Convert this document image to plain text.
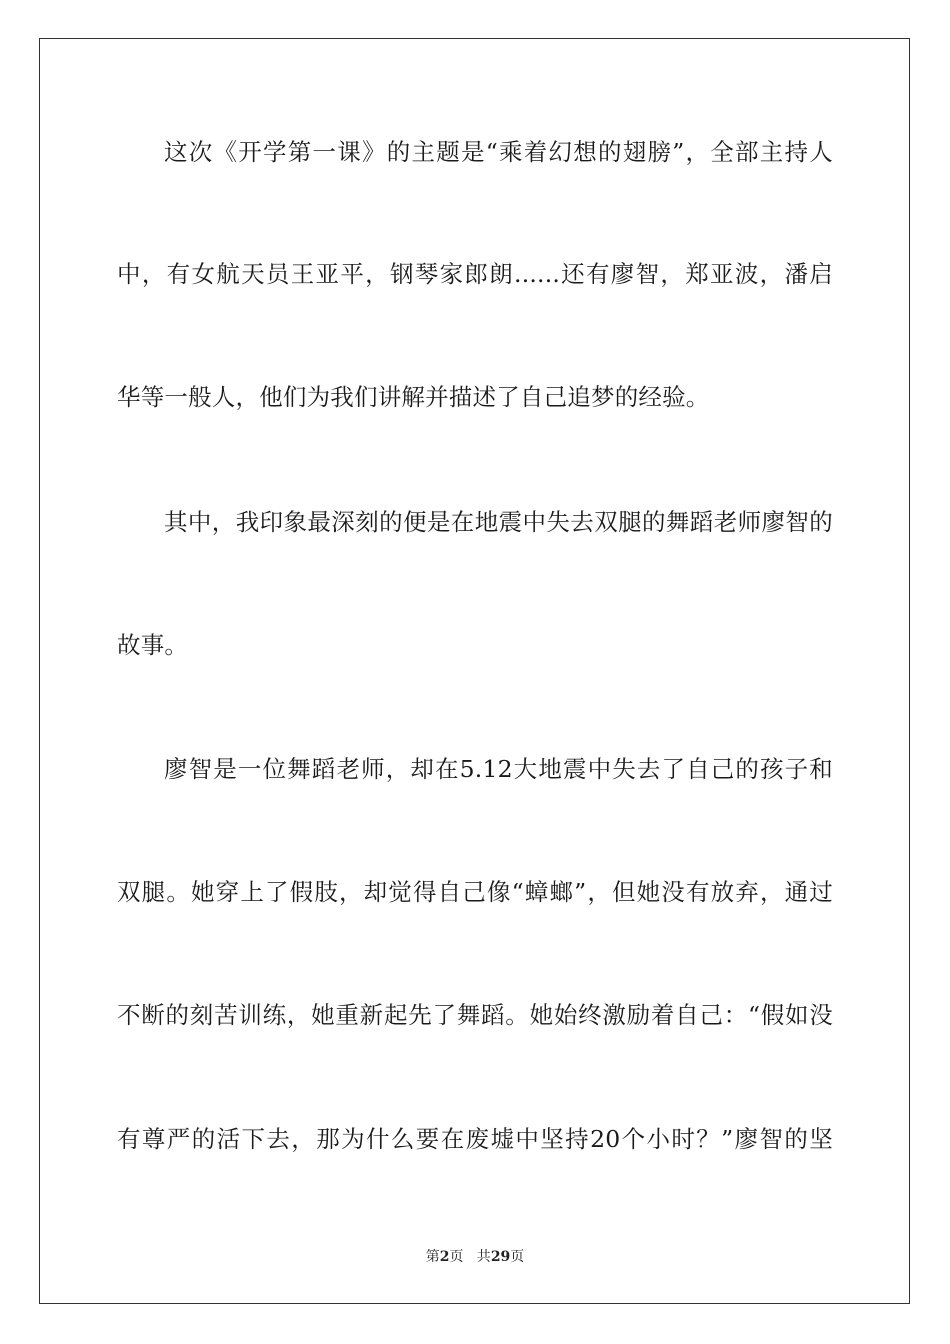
这次《开学第一课》的主题是“乘着幻想的翅膀”，全部主持人
中，有女航天员王亚平，钢琴家郎朗......还有廖智，郑亚波，潘启
华等一般人，他们为我们讲解并描述了自己追梦的经验。
其中，我印象最深刻的便是在地震中失去双腿的舞蹈老师廖智的
故事。
廖智是一位舞蹈老师，却在5.12大地震中失去了自己的孩子和
双腿。她穿上了假肢，却觉得自己像“蟑螂”，但她没有放弃，通过
不断的刻苦训练，她重新起先了舞蹈。她始终激励着自己：“假如没
有尊严的活下去，那为什么要在废墟中坚持20个小时？”廖智的坚
第2页   共29页
